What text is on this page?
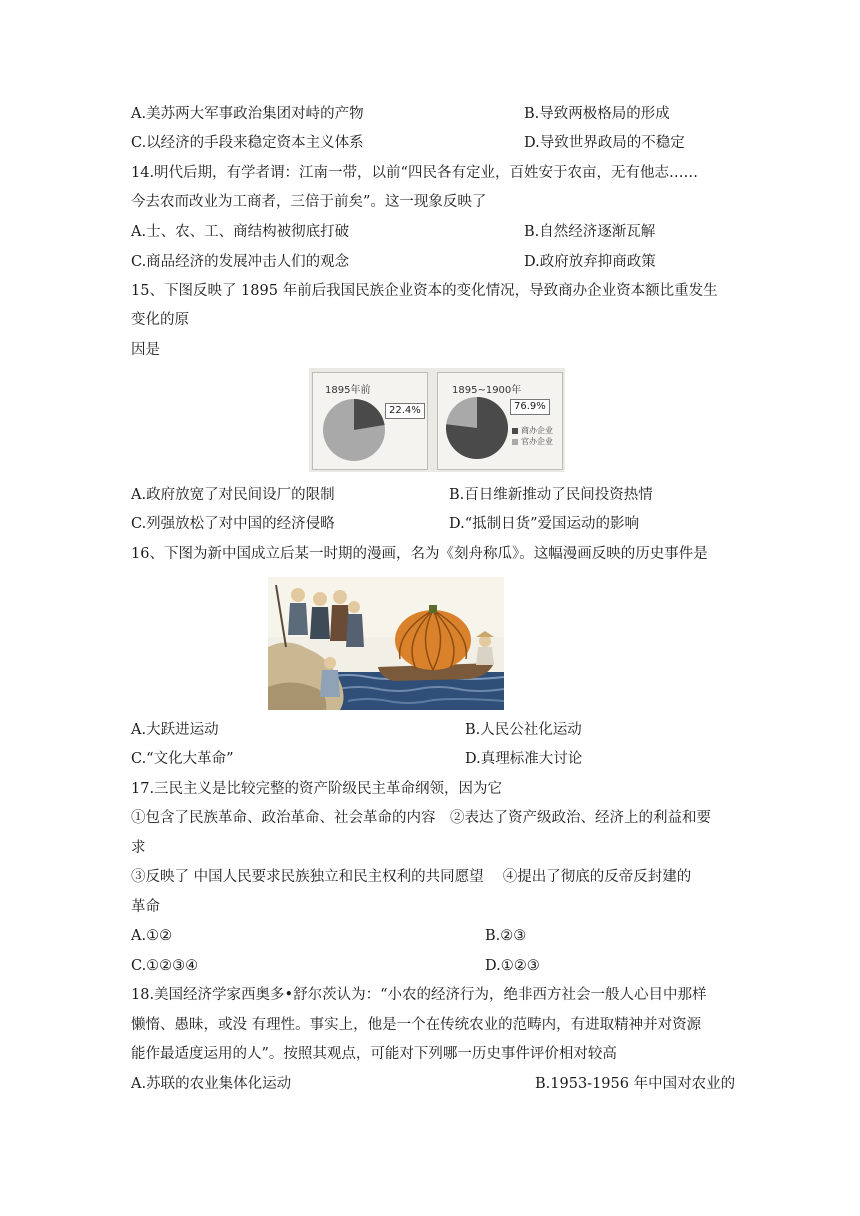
A.美苏两大军事政治集团对峙的产物	B.导致两极格局的形成
C.以经济的手段来稳定资本主义体系	D.导致世界政局的不稳定
14.明代后期，有学者谓：江南一带，以前“四民各有定业，百姓安于农亩，无有他志……
今去农而改业为工商者，三倍于前矣”。这一现象反映了
A.士、农、工、商结构被彻底打破	B.自然经济逐渐瓦解
C.商品经济的发展冲击人们的观念	D.政府放弃抑商政策
15、下图反映了 1895 年前后我国民族企业资本的变化情况，导致商办企业资本额比重发生
变化的原
因是
1895年前
22.4%
1895~1900年
76.9%
商办企业
官办企业
A.政府放宽了对民间设厂的限制	B.百日维新推动了民间投资热情
C.列强放松了对中国的经济侵略	D.“抵制日货”爱国运动的影响
16、下图为新中国成立后某一时期的漫画，名为《刻舟称瓜》。这幅漫画反映的历史事件是
A.大跃进运动	B.人民公社化运动
C.“文化大革命”	D.真理标准大讨论
17.三民主义是比较完整的资产阶级民主革命纲领，因为它
①包含了民族革命、政治革命、社会革命的内容　②表达了资产级政治、经济上的利益和要
求
③反映了 中国人民要求民族独立和民主权利的共同愿望　 ④提出了彻底的反帝反封建的
革命
A.①②	B.②③
C.①②③④	D.①②③
18.美国经济学家西奥多•舒尔茨认为：“小农的经济行为，绝非西方社会一般人心目中那样
懒惰、愚昧，或没 有理性。事实上，他是一个在传统农业的范畴内，有进取精神并对资源
能作最适度运用的人”。按照其观点，可能对下列哪一历史事件评价相对较高
A.苏联的农业集体化运动	B.1953-1956 年中国对农业的
